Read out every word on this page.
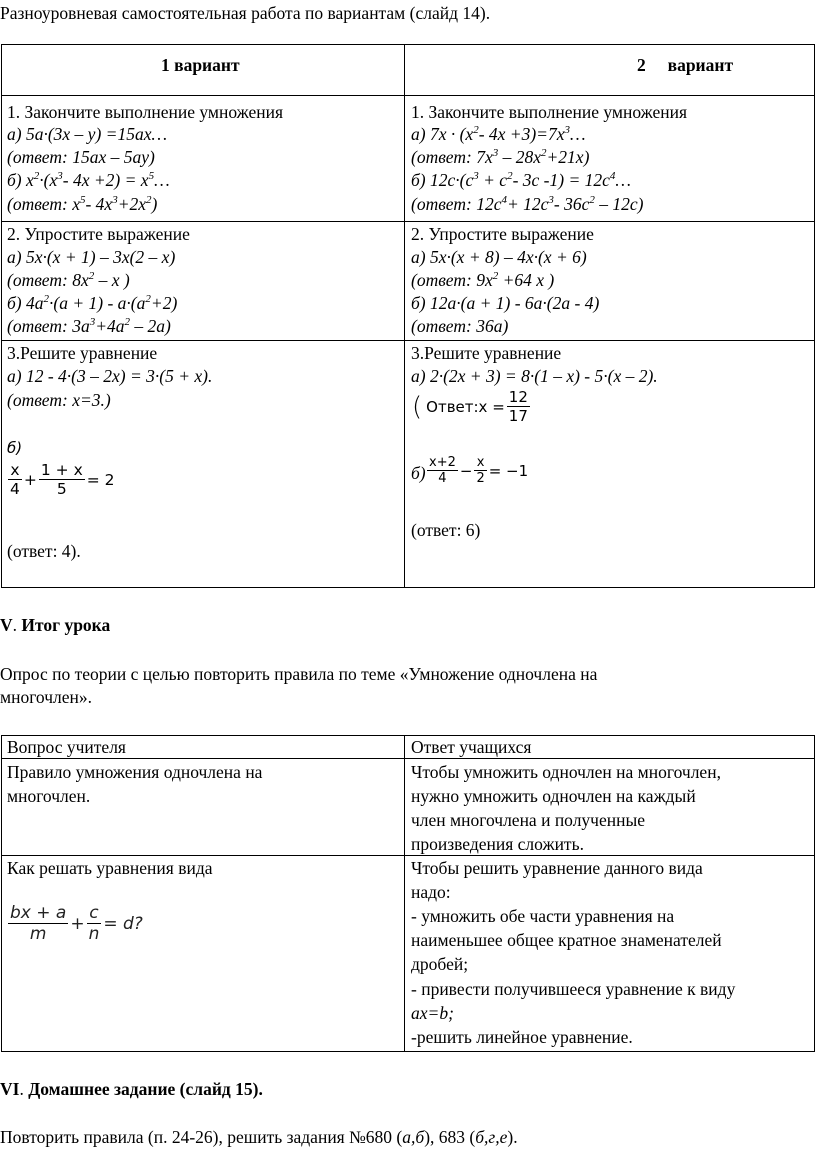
Разноуровневая самостоятельная работа по вариантам (слайд 14).
1 вариант	2     вариант
1. Закончите выполнение умножения
а) 5a·(3x – y) =15ax…
(ответ: 15ax – 5ay)
б) $x^2\cdot(x^3-$ $4x +2) = x^5\dots$
(ответ: $x^5-$ $4x^3+2x^2$)
2. Упростите выражение
а) 5x·(x + 1) – 3x(2 – x)
(ответ: $8x^2$ – x )
б) $4a^2\cdot(a + 1) - a\cdot(a^2+2)$
(ответ: $3a^3+4a^2 - 2a$)
3.Решите уравнение
а) 12 - 4·(3 – 2x) = 3·(5 + x).
(ответ: x=3.)
б)
$\frac{x}{4} + \frac{1 + x}{5} = 2$
(ответ: 4).
1. Закончите выполнение умножения
а) $7x \cdot (x^2-$ $4x +3)=7x^3\dots$
(ответ: $7x^3 - 28x^2+21x$)
б) $12c\cdot(c^3 + c^2-$ 3c $-1) = 12c^4\dots$
(ответ: $12c^4+ 12c^3-$ $36c^2 - 12c$)
2. Упростите выражение
а) 5x·(x + 8) – 4x·(x + 6)
(ответ: $9x^2 +64$ x )
б) 12a·(a + 1) - 6a·(2a - 4)
(ответ: 36a)
3.Решите уравнение
а) 2·(2x + 3) = 8·(1 – x) - 5·(x – 2).
( Ответ:x = $\frac{12}{17}$
$б) \frac{x+2}{4} - \frac{x}{2} = -1$
(ответ: 6)
V. Итог урока
Опрос по теории с целью повторить правила по теме «Умножение одночлена на
многочлен».
Вопрос учителя	Ответ учащихся
Правило умножения одночлена на
многочлен.
Чтобы умножить одночлен на многочлен,
нужно умножить одночлен на каждый
член многочлена и полученные
произведения сложить.
Как решать уравнения вида
$\frac{bx + a}{m} + \frac{c}{n} = d$?
Чтобы решить уравнение данного вида
надо:
- умножить обе части уравнения на
наименьшее общее кратное знаменателей
дробей;
- привести получившееся уравнение к виду
ax=b;
-решить линейное уравнение.
VI. Домашнее задание (слайд 15).
Повторить правила (п. 24-26), решить задания №680 (а,б), 683 (б,г,е).
